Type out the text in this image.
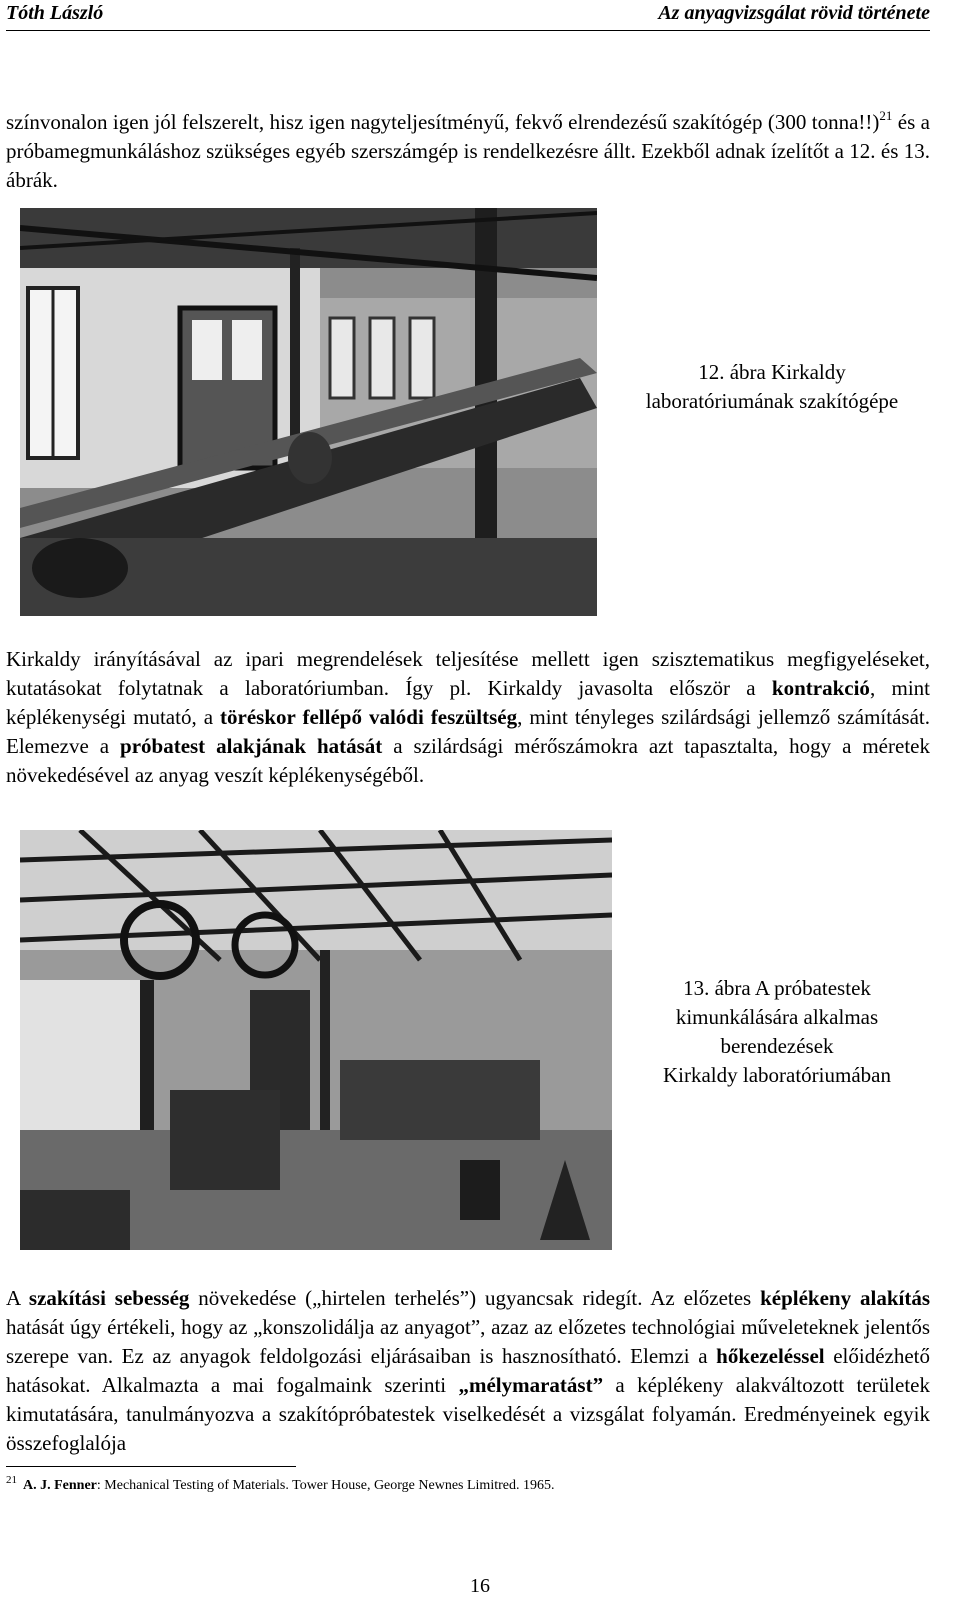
Tóth László	Az anyagvizsgálat rövid története

színvonalon igen jól felszerelt, hisz igen nagyteljesítményű, fekvő elrendezésű szakítógép (300 tonna!!)$^{21}$ és a próbamegmunkáláshoz szükséges egyéb szerszámgép is rendelkezésre állt. Ezekből adnak ízelítőt a 12. és 13. ábrák.

12. ábra Kirkaldy
laboratóriumának szakítógépe

Kirkaldy irányításával az ipari megrendelések teljesítése mellett igen szisztematikus megfigyeléseket, kutatásokat folytatnak a laboratóriumban. Így pl. Kirkaldy javasolta először a kontrakció, mint képlékenységi mutató, a töréskor fellépő valódi feszültség, mint tényleges szilárdsági jellemző számítását. Elemezve a próbatest alakjának hatását a szilárdsági mérőszámokra azt tapasztalta, hogy a méretek növekedésével az anyag veszít képlékenységéből.

13. ábra A próbatestek
kimunkálására alkalmas
berendezések
Kirkaldy laboratóriumában

A szakítási sebesség növekedése („hirtelen terhelés”) ugyancsak ridegít. Az előzetes képlékeny alakítás hatását úgy értékeli, hogy az „konszolidálja az anyagot”, azaz az előzetes technológiai műveleteknek jelentős szerepe van. Ez az anyagok feldolgozási eljárásaiban is hasznosítható. Elemzi a hőkezeléssel előidézhető hatásokat. Alkalmazta a mai fogalmaink szerinti „mélymaratást” a képlékeny alakváltozott területek kimutatására, tanulmányozva a szakítópróbatestek viselkedését a vizsgálat folyamán. Eredményeinek egyik összefoglalója

$^{21}$ A. J. Fenner: Mechanical Testing of Materials. Tower House, George Newnes Limitred. 1965.
16
